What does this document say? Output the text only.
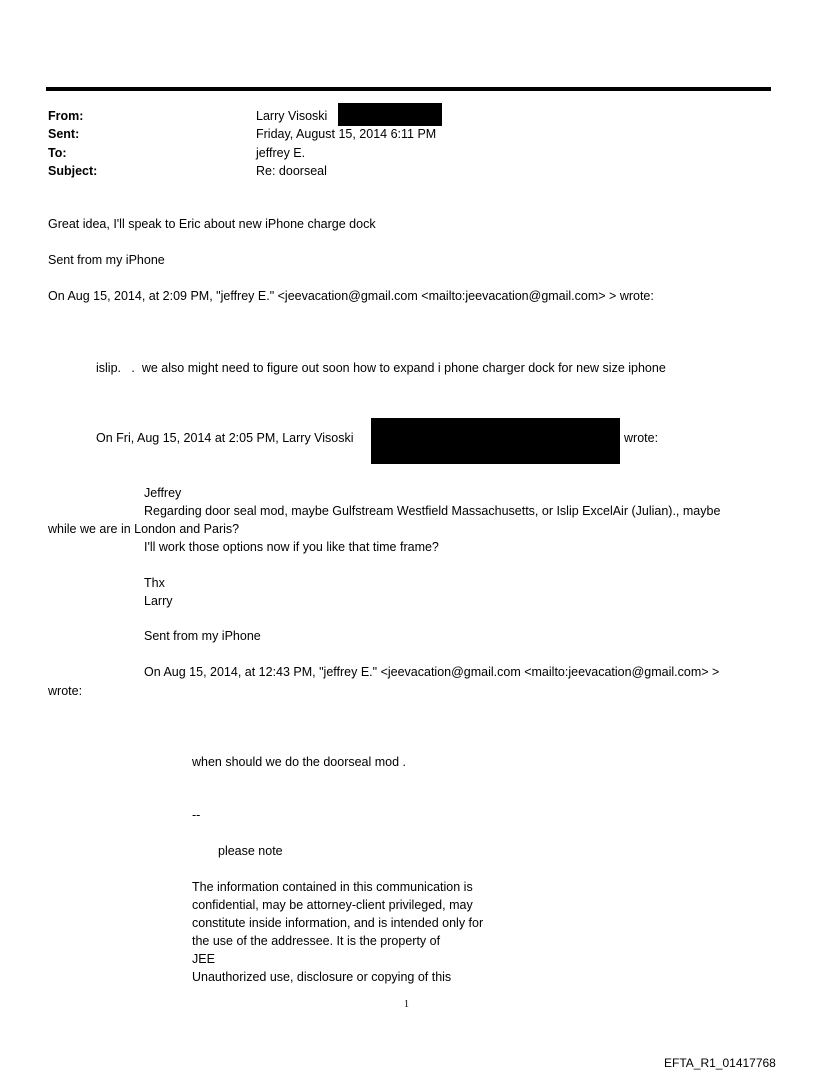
From:	Larry Visoski
Sent:	Friday, August 15, 2014 6:11 PM
To:	jeffrey E.
Subject:	Re: doorseal
Great idea, I'll speak to Eric about new iPhone charge dock
Sent from my iPhone
On Aug 15, 2014, at 2:09 PM, "jeffrey E." <jeevacation@gmail.com <mailto:jeevacation@gmail.com> > wrote:
islip.   .  we also might need to figure out soon how to expand i phone charger dock for new size iphone
On Fri, Aug 15, 2014 at 2:05 PM, Larry Visoski	wrote:
Jeffrey
Regarding door seal mod, maybe Gulfstream Westfield Massachusetts, or Islip ExcelAir (Julian)., maybe
while we are in London and Paris?
I'll work those options now if you like that time frame?
Thx
Larry
Sent from my iPhone
On Aug 15, 2014, at 12:43 PM, "jeffrey E." <jeevacation@gmail.com <mailto:jeevacation@gmail.com> >
wrote:
when should we do the doorseal mod .
--
please note
The information contained in this communication is
confidential, may be attorney-client privileged, may
constitute inside information, and is intended only for
the use of the addressee. It is the property of
JEE
Unauthorized use, disclosure or copying of this
1
EFTA_R1_01417768
